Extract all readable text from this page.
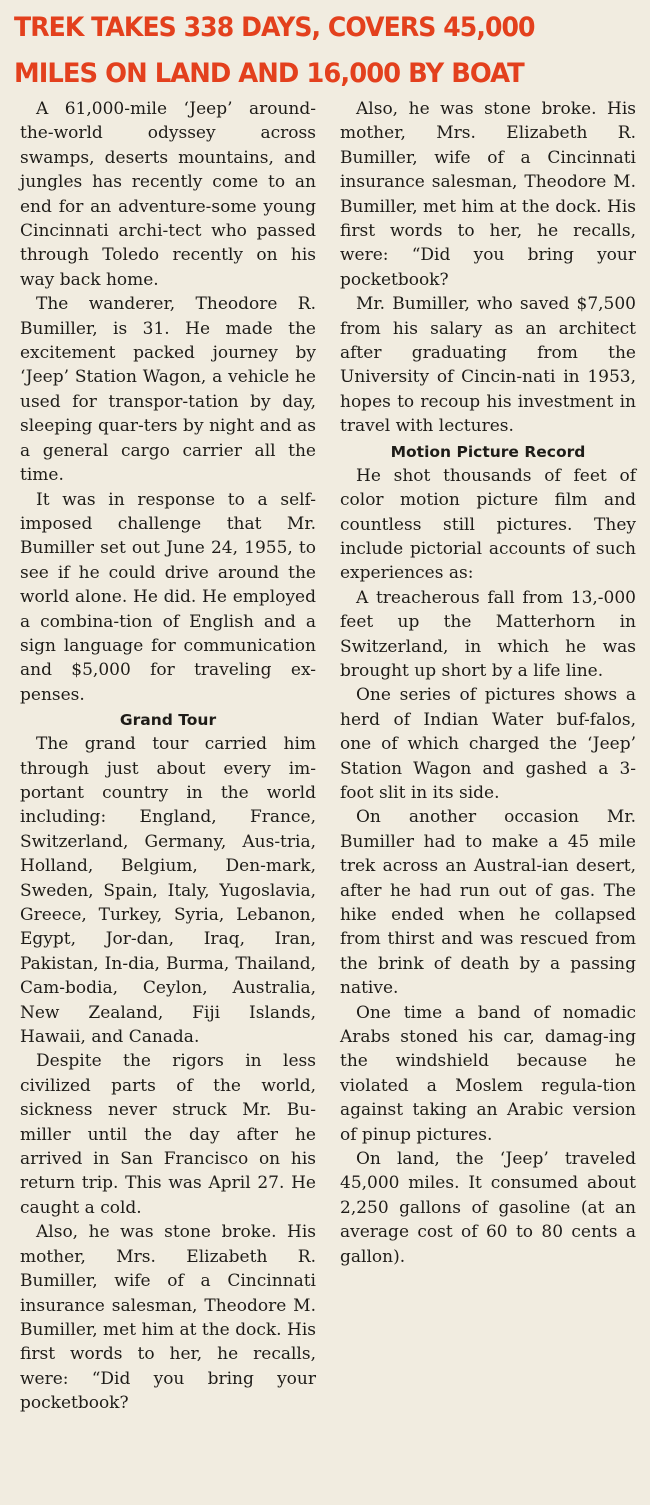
TREK TAKES 338 DAYS, COVERS 45,000
MILES ON LAND AND 16,000 BY BOAT

A 61,000-mile ‘Jeep’ around-the-world odyssey across swamps, deserts mountains, and jungles has recently come to an end for an adventure-some young Cincinnati archi-tect who passed through Toledo recently on his way back home.

The wanderer, Theodore R. Bumiller, is 31. He made the excitement packed journey by ‘Jeep’ Station Wagon, a vehicle he used for transpor-tation by day, sleeping quar-ters by night and as a general cargo carrier all the time.

It was in response to a self-imposed challenge that Mr. Bumiller set out June 24, 1955, to see if he could drive around the world alone. He did. He employed a combina-tion of English and a sign language for communication and $5,000 for traveling ex-penses.

Grand Tour

The grand tour carried him through just about every im-portant country in the world including: England, France, Switzerland, Germany, Aus-tria, Holland, Belgium, Den-mark, Sweden, Spain, Italy, Yugoslavia, Greece, Turkey, Syria, Lebanon, Egypt, Jor-dan, Iraq, Iran, Pakistan, In-dia, Burma, Thailand, Cam-bodia, Ceylon, Australia, New Zealand, Fiji Islands, Hawaii, and Canada.

Despite the rigors in less civilized parts of the world, sickness never struck Mr. Bu-miller until the day after he arrived in San Francisco on his return trip. This was April 27. He caught a cold.

Also, he was stone broke. His mother, Mrs. Elizabeth R. Bumiller, wife of a Cincinnati insurance salesman, Theodore M. Bumiller, met him at the dock. His first words to her, he recalls, were: “Did you bring your pocketbook?

Also, he was stone broke. His mother, Mrs. Elizabeth R. Bumiller, wife of a Cincinnati insurance salesman, Theodore M. Bumiller, met him at the dock. His first words to her, he recalls, were: “Did you bring your pocketbook?

Mr. Bumiller, who saved $7,500 from his salary as an architect after graduating from the University of Cincin-nati in 1953, hopes to recoup his investment in travel with lectures.

Motion Picture Record

He shot thousands of feet of color motion picture film and countless still pictures. They include pictorial accounts of such experiences as:

A treacherous fall from 13,-000 feet up the Matterhorn in Switzerland, in which he was brought up short by a life line.

One series of pictures shows a herd of Indian Water buf-falos, one of which charged the ‘Jeep’ Station Wagon and gashed a 3-foot slit in its side.

On another occasion Mr. Bumiller had to make a 45 mile trek across an Austral-ian desert, after he had run out of gas. The hike ended when he collapsed from thirst and was rescued from the brink of death by a passing native.

One time a band of nomadic Arabs stoned his car, damag-ing the windshield because he violated a Moslem regula-tion against taking an Arabic version of pinup pictures.

On land, the ‘Jeep’ traveled 45,000 miles. It consumed about 2,250 gallons of gasoline (at an average cost of 60 to 80 cents a gallon).
